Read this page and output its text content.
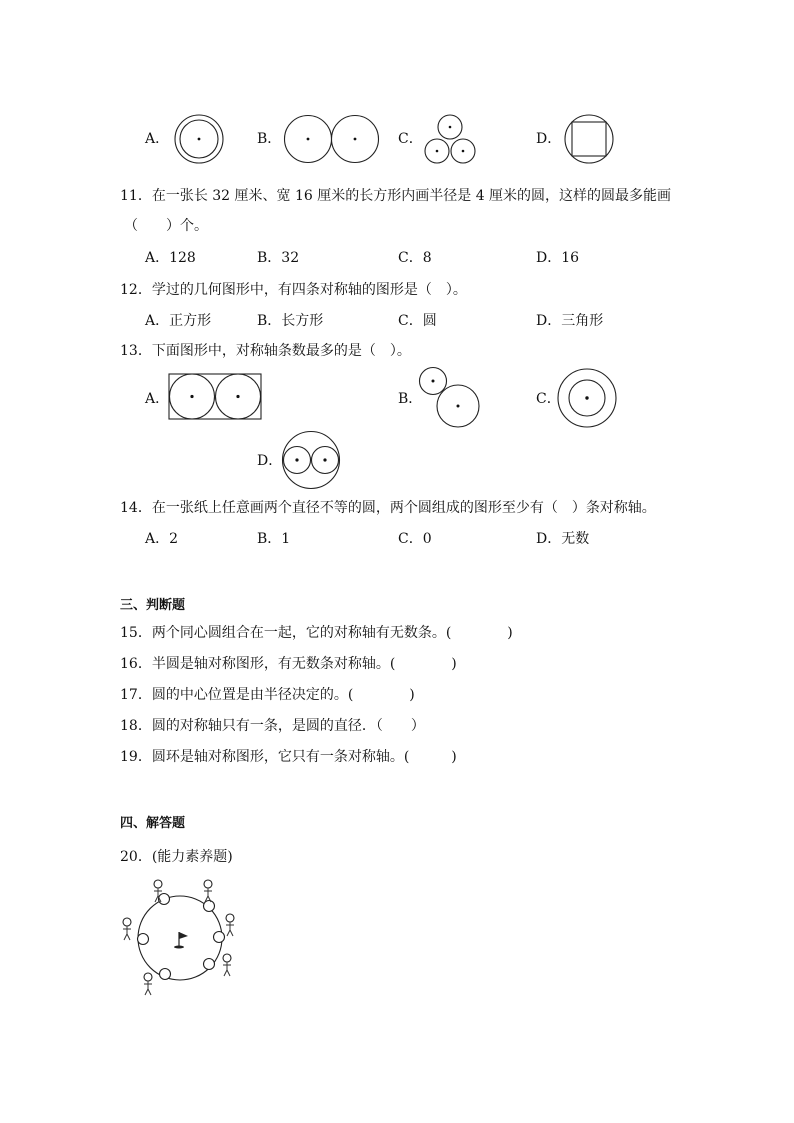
A．	B．	C．	D．
11．在一张长 32 厘米、宽 16 厘米的长方形内画半径是 4 厘米的圆，这样的圆最多能画
（　　）个。
A．128	B．32	C．8	D．16
12．学过的几何图形中，有四条对称轴的图形是（　）。
A．正方形	B．长方形	C．圆	D．三角形
13．下面图形中，对称轴条数最多的是（　）。
A．	B．	C．
D．
14．在一张纸上任意画两个直径不等的圆，两个圆组成的图形至少有（　）条对称轴。
A．2	B．1	C．0	D．无数
三、判断题
15．两个同心圆组合在一起，它的对称轴有无数条。(　　　　)
16．半圆是轴对称图形，有无数条对称轴。(　　　　)
17．圆的中心位置是由半径决定的。(　　　　)
18．圆的对称轴只有一条，是圆的直径．（　　）
19．圆环是轴对称图形，它只有一条对称轴。(　　　)
四、解答题
20．(能力素养题)
